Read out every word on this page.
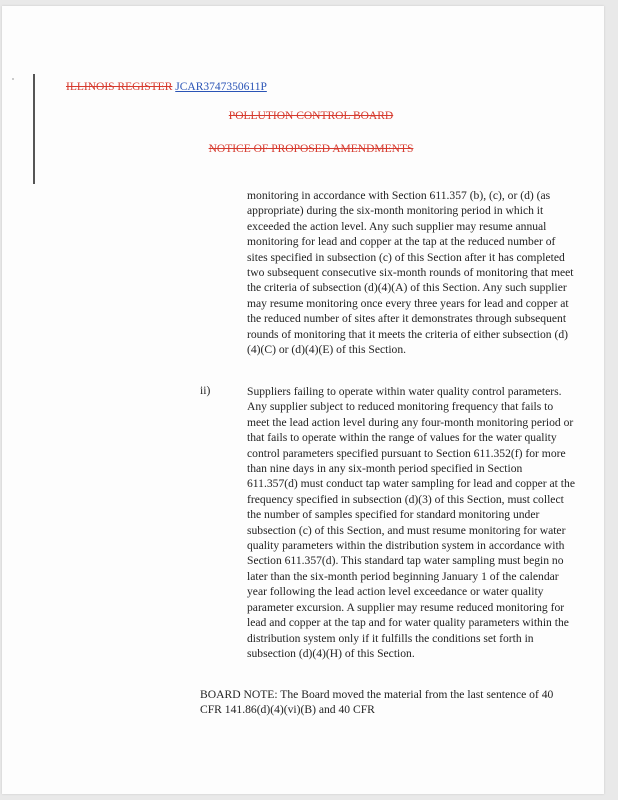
ILLINOIS REGISTER JCAR3747350611P
POLLUTION CONTROL BOARD
NOTICE OF PROPOSED AMENDMENTS
monitoring in accordance with Section 611.357 (b), (c), or (d) (as appropriate) during the six-month monitoring period in which it exceeded the action level. Any such supplier may resume annual monitoring for lead and copper at the tap at the reduced number of sites specified in subsection (c) of this Section after it has completed two subsequent consecutive six-month rounds of monitoring that meet the criteria of subsection (d)(4)(A) of this Section. Any such supplier may resume monitoring once every three years for lead and copper at the reduced number of sites after it demonstrates through subsequent rounds of monitoring that it meets the criteria of either subsection (d)(4)(C) or (d)(4)(E) of this Section.
ii)	Suppliers failing to operate within water quality control parameters. Any supplier subject to reduced monitoring frequency that fails to meet the lead action level during any four-month monitoring period or that fails to operate within the range of values for the water quality control parameters specified pursuant to Section 611.352(f) for more than nine days in any six-month period specified in Section 611.357(d) must conduct tap water sampling for lead and copper at the frequency specified in subsection (d)(3) of this Section, must collect the number of samples specified for standard monitoring under subsection (c) of this Section, and must resume monitoring for water quality parameters within the distribution system in accordance with Section 611.357(d). This standard tap water sampling must begin no later than the six-month period beginning January 1 of the calendar year following the lead action level exceedance or water quality parameter excursion. A supplier may resume reduced monitoring for lead and copper at the tap and for water quality parameters within the distribution system only if it fulfills the conditions set forth in subsection (d)(4)(H) of this Section.
BOARD NOTE: The Board moved the material from the last sentence of 40 CFR 141.86(d)(4)(vi)(B) and 40 CFR
